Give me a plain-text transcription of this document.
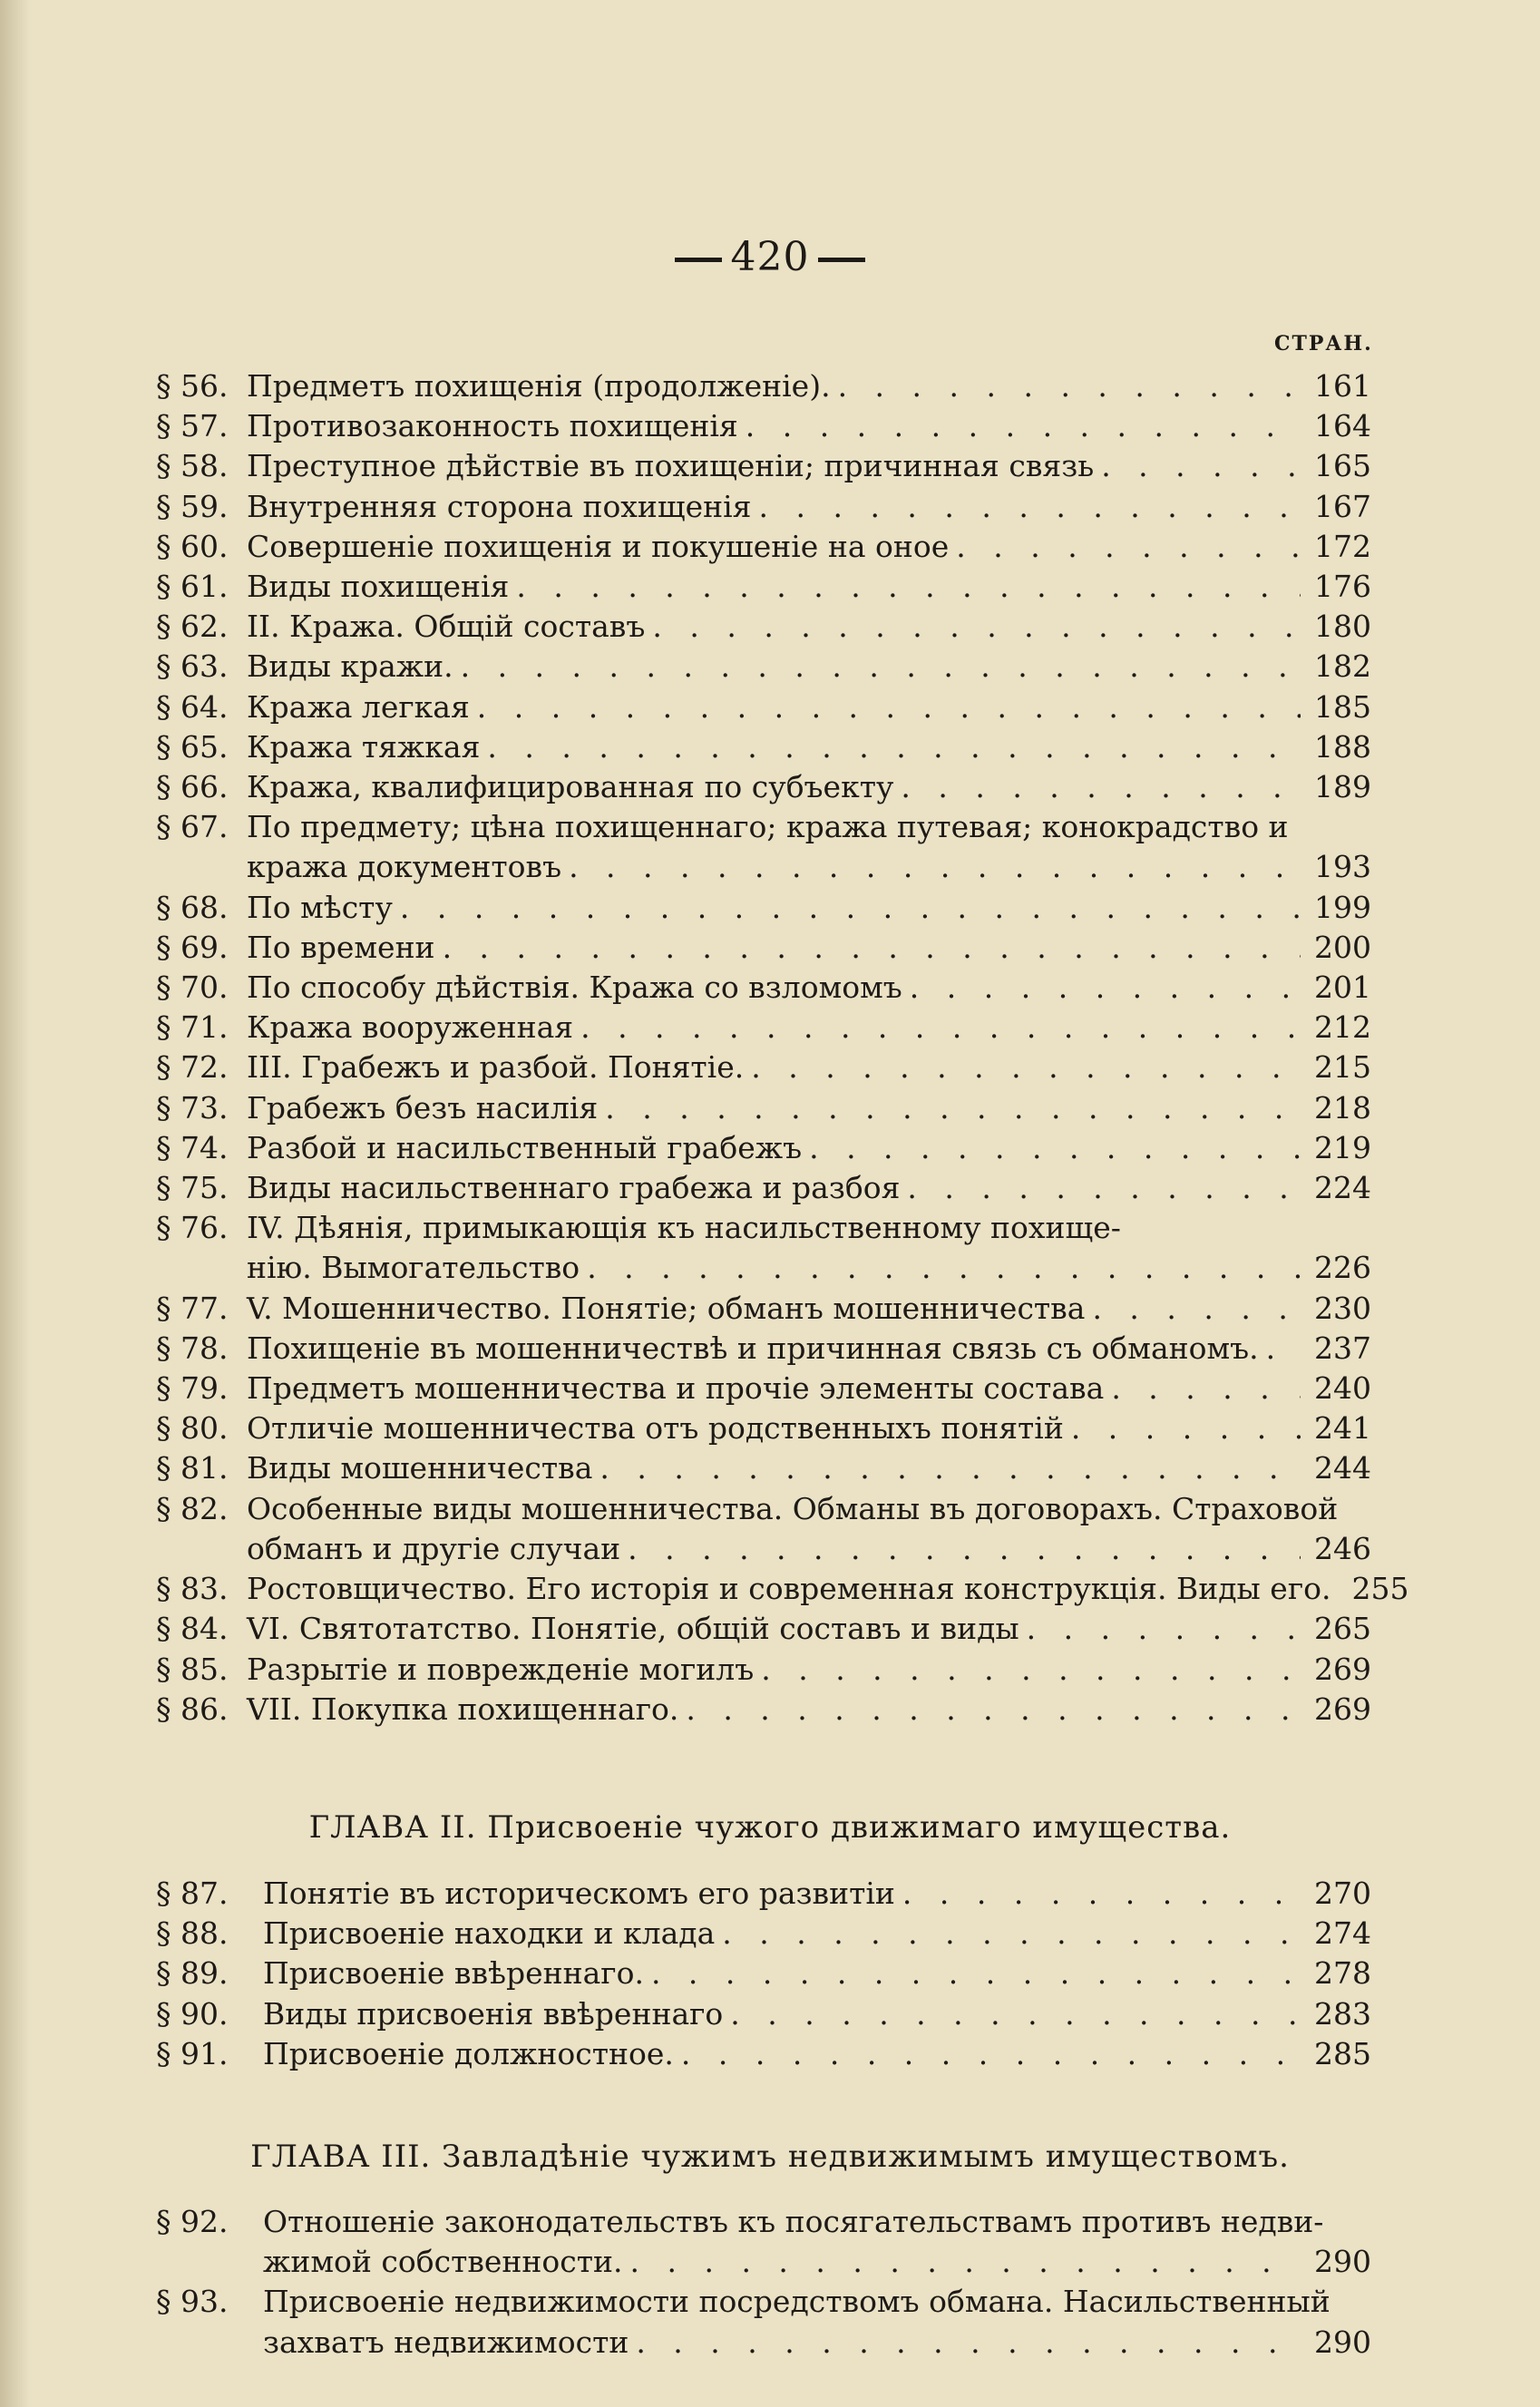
420
СТРАН.
§ 56. Предметъ похищенія (продолженіе). . . .	161
§ 57. Противозаконность похищенія . . .	164
§ 58. Преступное дѣйствіе въ похищеніи; причинная связь . . .	165
§ 59. Внутренняя сторона похищенія . . .	167
§ 60. Совершеніе похищенія и покушеніе на оное . . .	172
§ 61. Виды похищенія . . .	176
§ 62. II. Кража. Общій составъ . . .	180
§ 63. Виды кражи. . . .	182
§ 64. Кража легкая . . .	185
§ 65. Кража тяжкая . . .	188
§ 66. Кража, квалифицированная по субъекту . . .	189
§ 67. По предмету; цѣна похищеннаго; кража путевая; конокрадство и
кража документовъ . . .	193
§ 68. По мѣсту . . .	199
§ 69. По времени . . .	200
§ 70. По способу дѣйствія. Кража со взломомъ . . .	201
§ 71. Кража вооруженная . . .	212
§ 72. III. Грабежъ и разбой. Понятіе. . . .	215
§ 73. Грабежъ безъ насилія . . .	218
§ 74. Разбой и насильственный грабежъ . . .	219
§ 75. Виды насильственнаго грабежа и разбоя . . .	224
§ 76. IV. Дѣянія, примыкающія къ насильственному похище-
нію. Вымогательство . . .	226
§ 77. V. Мошенничество. Понятіе; обманъ мошенничества . . .	230
§ 78. Похищеніе въ мошенничествѣ и причинная связь съ обманомъ. . . . 237
§ 79. Предметъ мошенничества и прочіе элементы состава . . .	240
§ 80. Отличіе мошенничества отъ родственныхъ понятій . . .	241
§ 81. Виды мошенничества . . .	244
§ 82. Особенные виды мошенничества. Обманы въ договорахъ. Страховой
обманъ и другіе случаи . . .	246
§ 83. Ростовщичество. Его исторія и современная конструкція. Виды его. 255
§ 84. VI. Святотатство. Понятіе, общій составъ и виды . . .	265
§ 85. Разрытіе и поврежденіе могилъ . . .	269
§ 86. VII. Покупка похищеннаго. . . .	269
ГЛАВА II. Присвоеніе чужого движимаго имущества.
§ 87.	Понятіе въ историческомъ его развитіи . . .	270
§ 88.	Присвоеніе находки и клада . . .	274
§ 89.	Присвоеніе ввѣреннаго. . . .	278
§ 90.	Виды присвоенія ввѣреннаго . . .	283
§ 91.	Присвоеніе должностное. . . .	285
ГЛАВА III. Завладѣніе чужимъ недвижимымъ имуществомъ.
§ 92.	Отношеніе законодательствъ къ посягательствамъ противъ недви-
жимой собственности. . . .	290
§ 93.	Присвоеніе недвижимости посредствомъ обмана. Насильственный
захватъ недвижимости . . .	290
